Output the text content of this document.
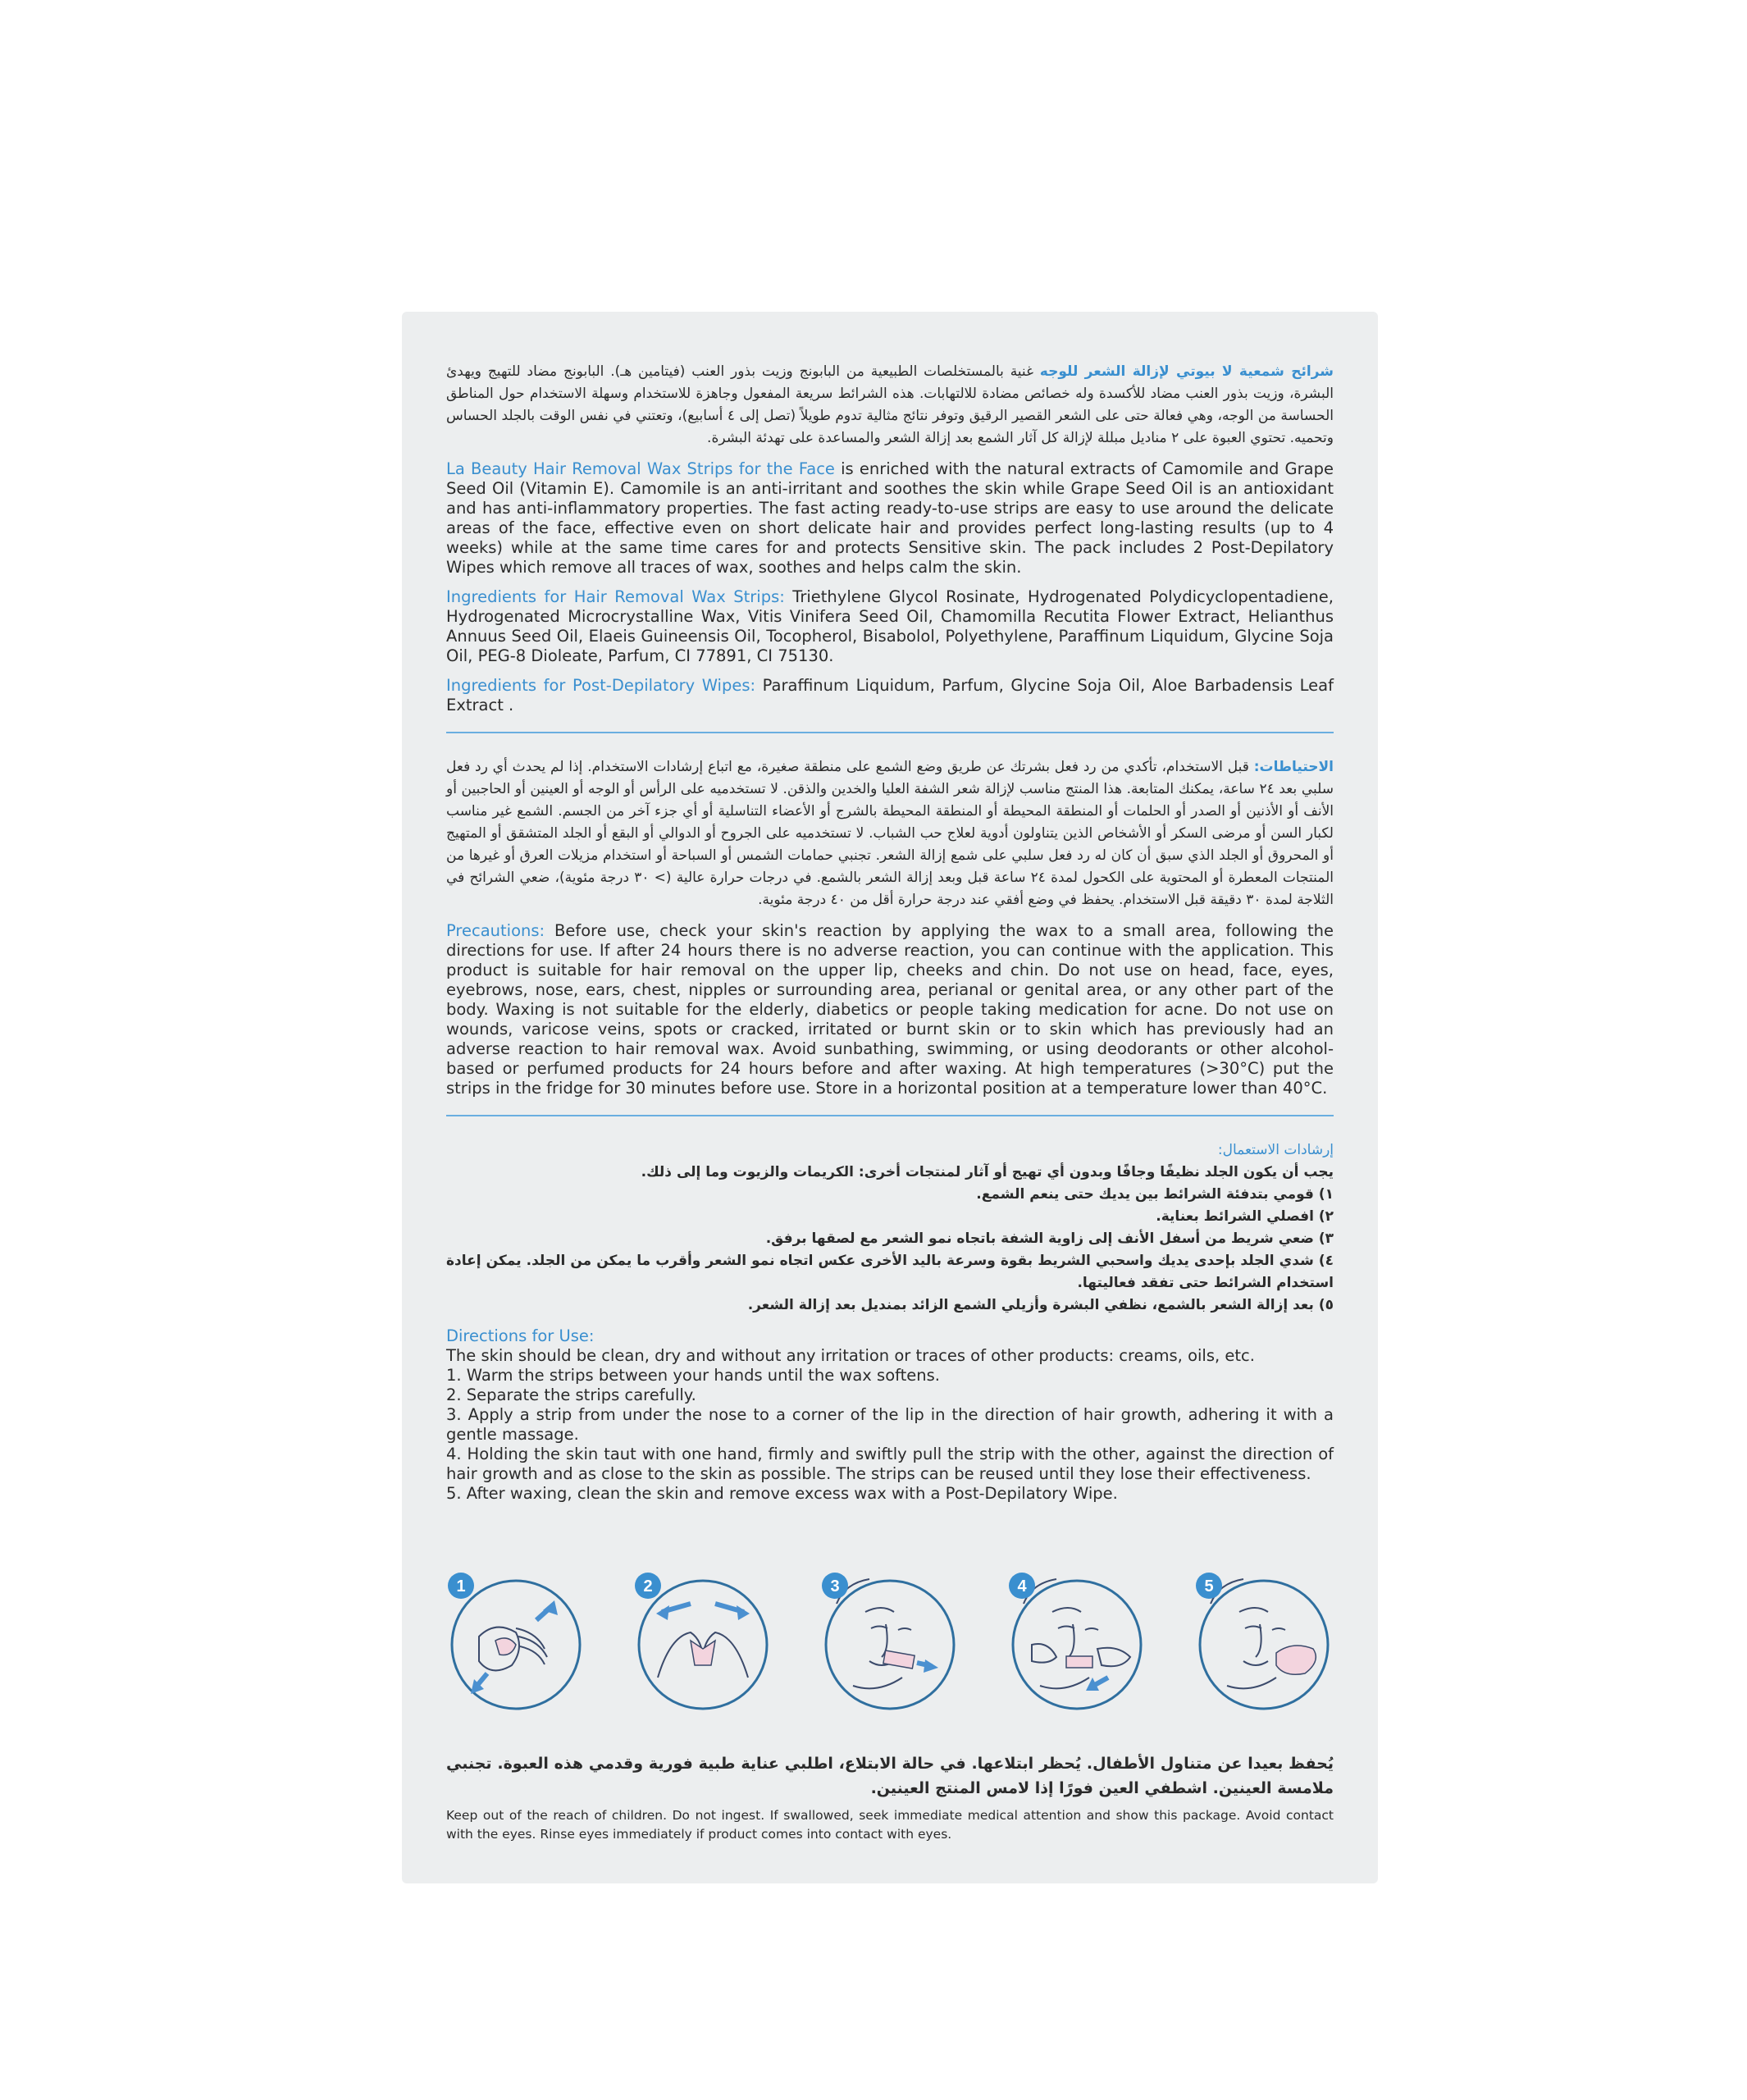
شرائح شمعية لا بيوتي لإزالة الشعر للوجه غنية بالمستخلصات الطبيعية من البابونج وزيت بذور العنب (فيتامين هـ). البابونج مضاد للتهيج ويهدئ البشرة، وزيت بذور العنب مضاد للأكسدة وله خصائص مضادة للالتهابات. هذه الشرائط سريعة المفعول وجاهزة للاستخدام وسهلة الاستخدام حول المناطق الحساسة من الوجه، وهي فعالة حتى على الشعر القصير الرقيق وتوفر نتائج مثالية تدوم طويلاً (تصل إلى ٤ أسابيع)، وتعتني في نفس الوقت بالجلد الحساس وتحميه. تحتوي العبوة على ٢ مناديل مبللة لإزالة كل آثار الشمع بعد إزالة الشعر والمساعدة على تهدئة البشرة.

La Beauty Hair Removal Wax Strips for the Face is enriched with the natural extracts of Camomile and Grape Seed Oil (Vitamin E). Camomile is an anti-irritant and soothes the skin while Grape Seed Oil is an antioxidant and has anti-inflammatory properties. The fast acting ready-to-use strips are easy to use around the delicate areas of the face, effective even on short delicate hair and provides perfect long-lasting results (up to 4 weeks) while at the same time cares for and protects Sensitive skin. The pack includes 2 Post-Depilatory Wipes which remove all traces of wax, soothes and helps calm the skin.

Ingredients for Hair Removal Wax Strips: Triethylene Glycol Rosinate, Hydrogenated Polydicyclopentadiene, Hydrogenated Microcrystalline Wax, Vitis Vinifera Seed Oil, Chamomilla Recutita Flower Extract, Helianthus Annuus Seed Oil, Elaeis Guineensis Oil, Tocopherol, Bisabolol, Polyethylene, Paraffinum Liquidum, Glycine Soja Oil, PEG-8 Dioleate, Parfum, CI 77891, CI 75130.

Ingredients for Post-Depilatory Wipes: Paraffinum Liquidum, Parfum, Glycine Soja Oil, Aloe Barbadensis Leaf Extract .

الاحتياطات: قبل الاستخدام، تأكدي من رد فعل بشرتك عن طريق وضع الشمع على منطقة صغيرة، مع اتباع إرشادات الاستخدام. إذا لم يحدث أي رد فعل سلبي بعد ٢٤ ساعة، يمكنك المتابعة. هذا المنتج مناسب لإزالة شعر الشفة العليا والخدين والذقن. لا تستخدميه على الرأس أو الوجه أو العينين أو الحاجبين أو الأنف أو الأذنين أو الصدر أو الحلمات أو المنطقة المحيطة أو المنطقة المحيطة بالشرج أو الأعضاء التناسلية أو أي جزء آخر من الجسم. الشمع غير مناسب لكبار السن أو مرضى السكر أو الأشخاص الذين يتناولون أدوية لعلاج حب الشباب. لا تستخدميه على الجروح أو الدوالي أو البقع أو الجلد المتشقق أو المتهيج أو المحروق أو الجلد الذي سبق أن كان له رد فعل سلبي على شمع إزالة الشعر. تجنبي حمامات الشمس أو السباحة أو استخدام مزيلات العرق أو غيرها من المنتجات المعطرة أو المحتوية على الكحول لمدة ٢٤ ساعة قبل وبعد إزالة الشعر بالشمع. في درجات حرارة عالية (> ٣٠ درجة مئوية)، ضعي الشرائح في الثلاجة لمدة ٣٠ دقيقة قبل الاستخدام. يحفظ في وضع أفقي عند درجة حرارة أقل من ٤٠ درجة مئوية.

Precautions: Before use, check your skin's reaction by applying the wax to a small area, following the directions for use. If after 24 hours there is no adverse reaction, you can continue with the application. This product is suitable for hair removal on the upper lip, cheeks and chin. Do not use on head, face, eyes, eyebrows, nose, ears, chest, nipples or surrounding area, perianal or genital area, or any other part of the body. Waxing is not suitable for the elderly, diabetics or people taking medication for acne. Do not use on wounds, varicose veins, spots or cracked, irritated or burnt skin or to skin which has previously had an adverse reaction to hair removal wax. Avoid sunbathing, swimming, or using deodorants or other alcohol-based or perfumed products for 24 hours before and after waxing. At high temperatures (>30°C) put the strips in the fridge for 30 minutes before use. Store in a horizontal position at a temperature lower than 40°C.

إرشادات الاستعمال:

يجب أن يكون الجلد نظيفًا وجافًا وبدون أي تهيج أو آثار لمنتجات أخرى: الكريمات والزيوت وما إلى ذلك.

١) قومي بتدفئة الشرائط بين يديك حتى ينعم الشمع.

٢) افصلي الشرائط بعناية.

٣) ضعي شريط من أسفل الأنف إلى زاوية الشفة باتجاه نمو الشعر مع لصقها برفق.

٤) شدي الجلد بإحدى يديك واسحبي الشريط بقوة وسرعة باليد الأخرى عكس اتجاه نمو الشعر وأقرب ما يمكن من الجلد. يمكن إعادة استخدام الشرائط حتى تفقد فعاليتها.

٥) بعد إزالة الشعر بالشمع، نظفي البشرة وأزيلي الشمع الزائد بمنديل بعد إزالة الشعر.

Directions for Use:

The skin should be clean, dry and without any irritation or traces of other products: creams, oils, etc.

1. Warm the strips between your hands until the wax softens.

2. Separate the strips carefully.

3. Apply a strip from under the nose to a corner of the lip in the direction of hair growth, adhering it with a gentle massage.

4. Holding the skin taut with one hand, firmly and swiftly pull the strip with the other, against the direction of hair growth and as close to the skin as possible. The strips can be reused until they lose their effectiveness.

5. After waxing, clean the skin and remove excess wax with a Post-Depilatory Wipe.

1	2	3	4	5
يُحفظ بعيدا عن متناول الأطفال. يُحظر ابتلاعها. في حالة الابتلاع، اطلبي عناية طبية فورية وقدمي هذه العبوة. تجنبي ملامسة العينين. اشطفي العين فورًا إذا لامس المنتج العينين.
Keep out of the reach of children. Do not ingest. If swallowed, seek immediate medical attention and show this package. Avoid contact with the eyes. Rinse eyes immediately if product comes into contact with eyes.
